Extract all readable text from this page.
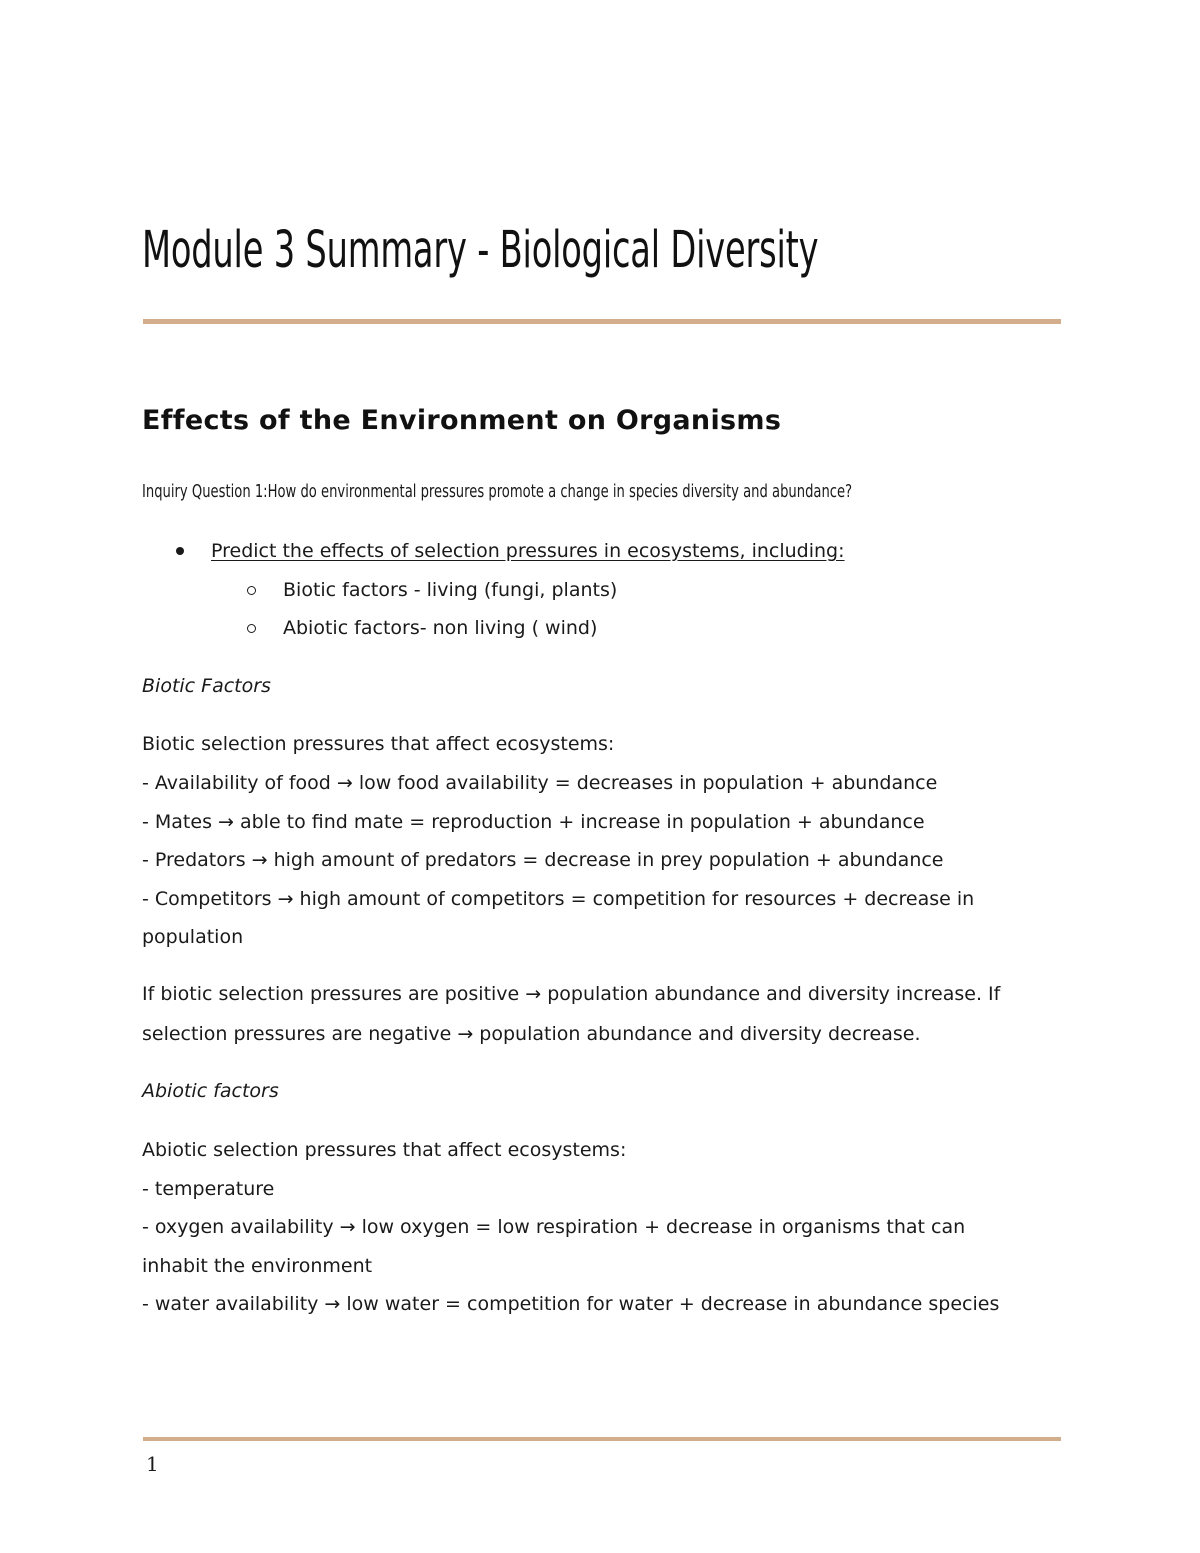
Module 3 Summary - Biological Diversity
Effects of the Environment on Organisms
Inquiry Question 1:How do environmental pressures promote a change in species diversity and abundance?
Predict the effects of selection pressures in ecosystems, including:
Biotic factors - living (fungi, plants)
Abiotic factors- non living ( wind)
Biotic Factors
Biotic selection pressures that affect ecosystems:
- Availability of food → low food availability = decreases in population + abundance
- Mates → able to find mate = reproduction + increase in population + abundance
- Predators → high amount of predators = decrease in prey population + abundance
- Competitors → high amount of competitors = competition for resources + decrease in
population
If biotic selection pressures are positive → population abundance and diversity increase. If
selection pressures are negative → population abundance and diversity decrease.
Abiotic factors
Abiotic selection pressures that affect ecosystems:
- temperature
- oxygen availability → low oxygen = low respiration + decrease in organisms that can
inhabit the environment
- water availability → low water = competition for water + decrease in abundance species
1
